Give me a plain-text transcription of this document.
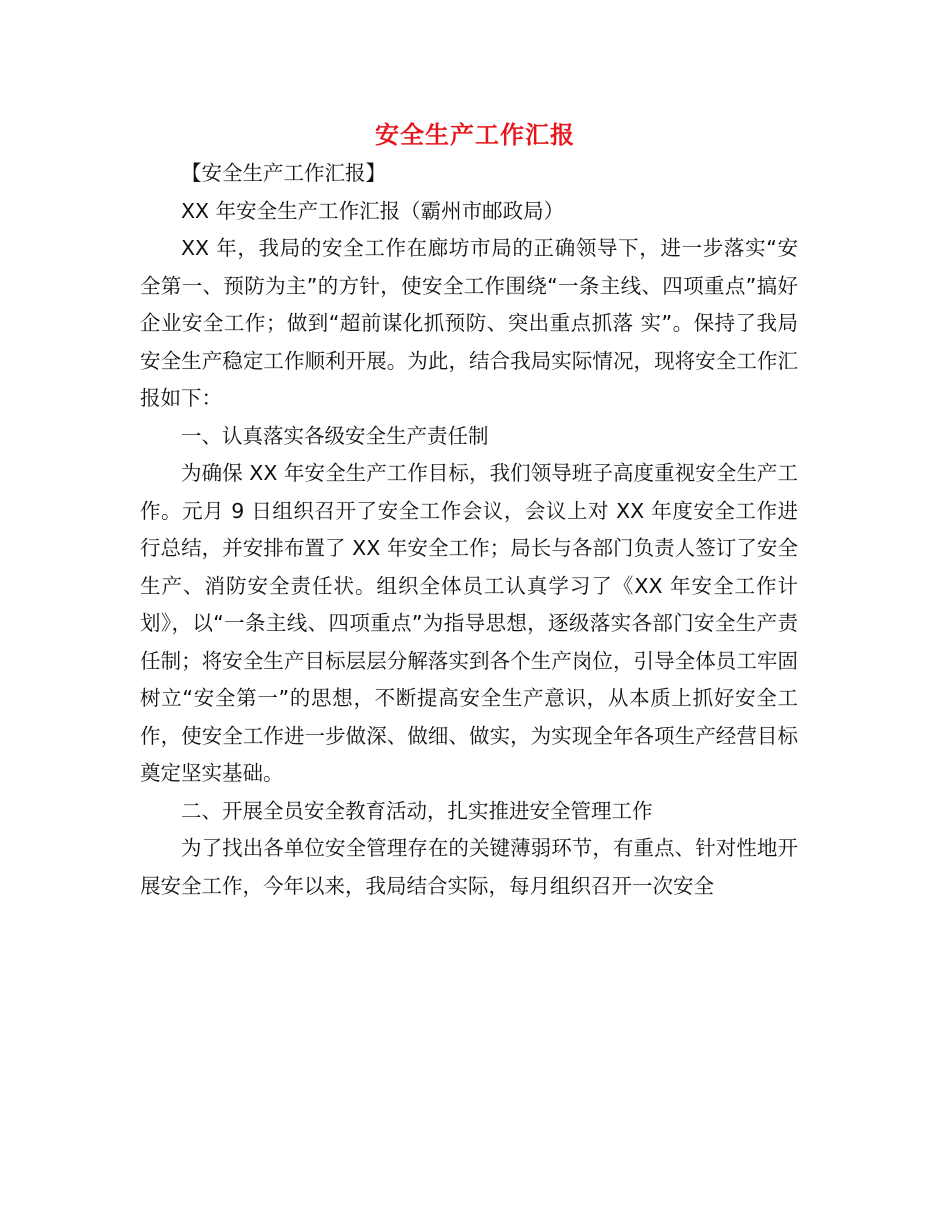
安全生产工作汇报

【安全生产工作汇报】

XX 年安全生产工作汇报（霸州市邮政局）

XX 年，我局的安全工作在廊坊市局的正确领导下，进一步落实“安全第一、预防为主”的方针，使安全工作围绕“一条主线、四项重点”搞好企业安全工作；做到“超前谋化抓预防、突出重点抓落 实”。保持了我局安全生产稳定工作顺利开展。为此，结合我局实际情况，现将安全工作汇报如下：

一、认真落实各级安全生产责任制

为确保 XX 年安全生产工作目标，我们领导班子高度重视安全生产工作。元月 9 日组织召开了安全工作会议，会议上对 XX 年度安全工作进行总结，并安排布置了 XX 年安全工作；局长与各部门负责人签订了安全生产、消防安全责任状。组织全体员工认真学习了《XX 年安全工作计划》，以“一条主线、四项重点”为指导思想，逐级落实各部门安全生产责任制；将安全生产目标层层分解落实到各个生产岗位，引导全体员工牢固树立“安全第一”的思想，不断提高安全生产意识，从本质上抓好安全工作，使安全工作进一步做深、做细、做实，为实现全年各项生产经营目标奠定坚实基础。

二、开展全员安全教育活动，扎实推进安全管理工作

为了找出各单位安全管理存在的关键薄弱环节，有重点、针对性地开展安全工作，今年以来，我局结合实际，每月组织召开一次安全
